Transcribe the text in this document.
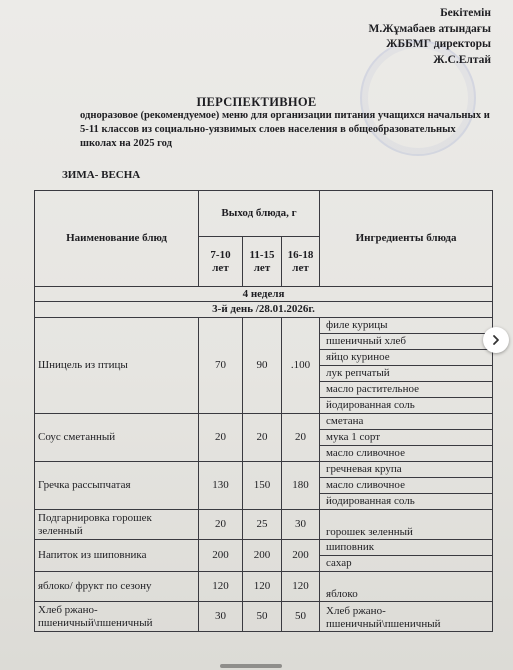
Бекітемін
М.Жұмабаев атындағы
ЖББМГ директоры
Ж.С.Елтай
ПЕРСПЕКТИВНОЕ
одноразовое (рекомендуемое) меню для организации питания учащихся начальных и 5-11 классов из социально-уязвимых слоев населения в общеобразовательных школах на 2025 год
ЗИМА- ВЕСНА
Наименование блюд	Выход блюда, г			Ингредиенты блюда
	7-10 лет	11-15 лет	16-18 лет	
4 неделя				
3-й день /28.01.2026г.				
Шницель из птицы	70	90	.100	филе курицы
				пшеничный хлеб
				яйцо куриное
				лук репчатый
				масло растительное
				йодированная соль
Соус сметанный	20	20	20	сметана
				мука 1 сорт
				масло сливочное
Гречка рассыпчатая	130	150	180	гречневая крупа
				масло сливочное
				йодированная соль
Подгарнировка горошек зеленный	20	25	30	горошек зеленный
Напиток из шиповника	200	200	200	шиповник
				сахар
яблоко/ фрукт по сезону	120	120	120	яблоко
Хлеб ржано-пшеничный\пшеничный	30	50	50	Хлеб ржано-пшеничный\пшеничный
